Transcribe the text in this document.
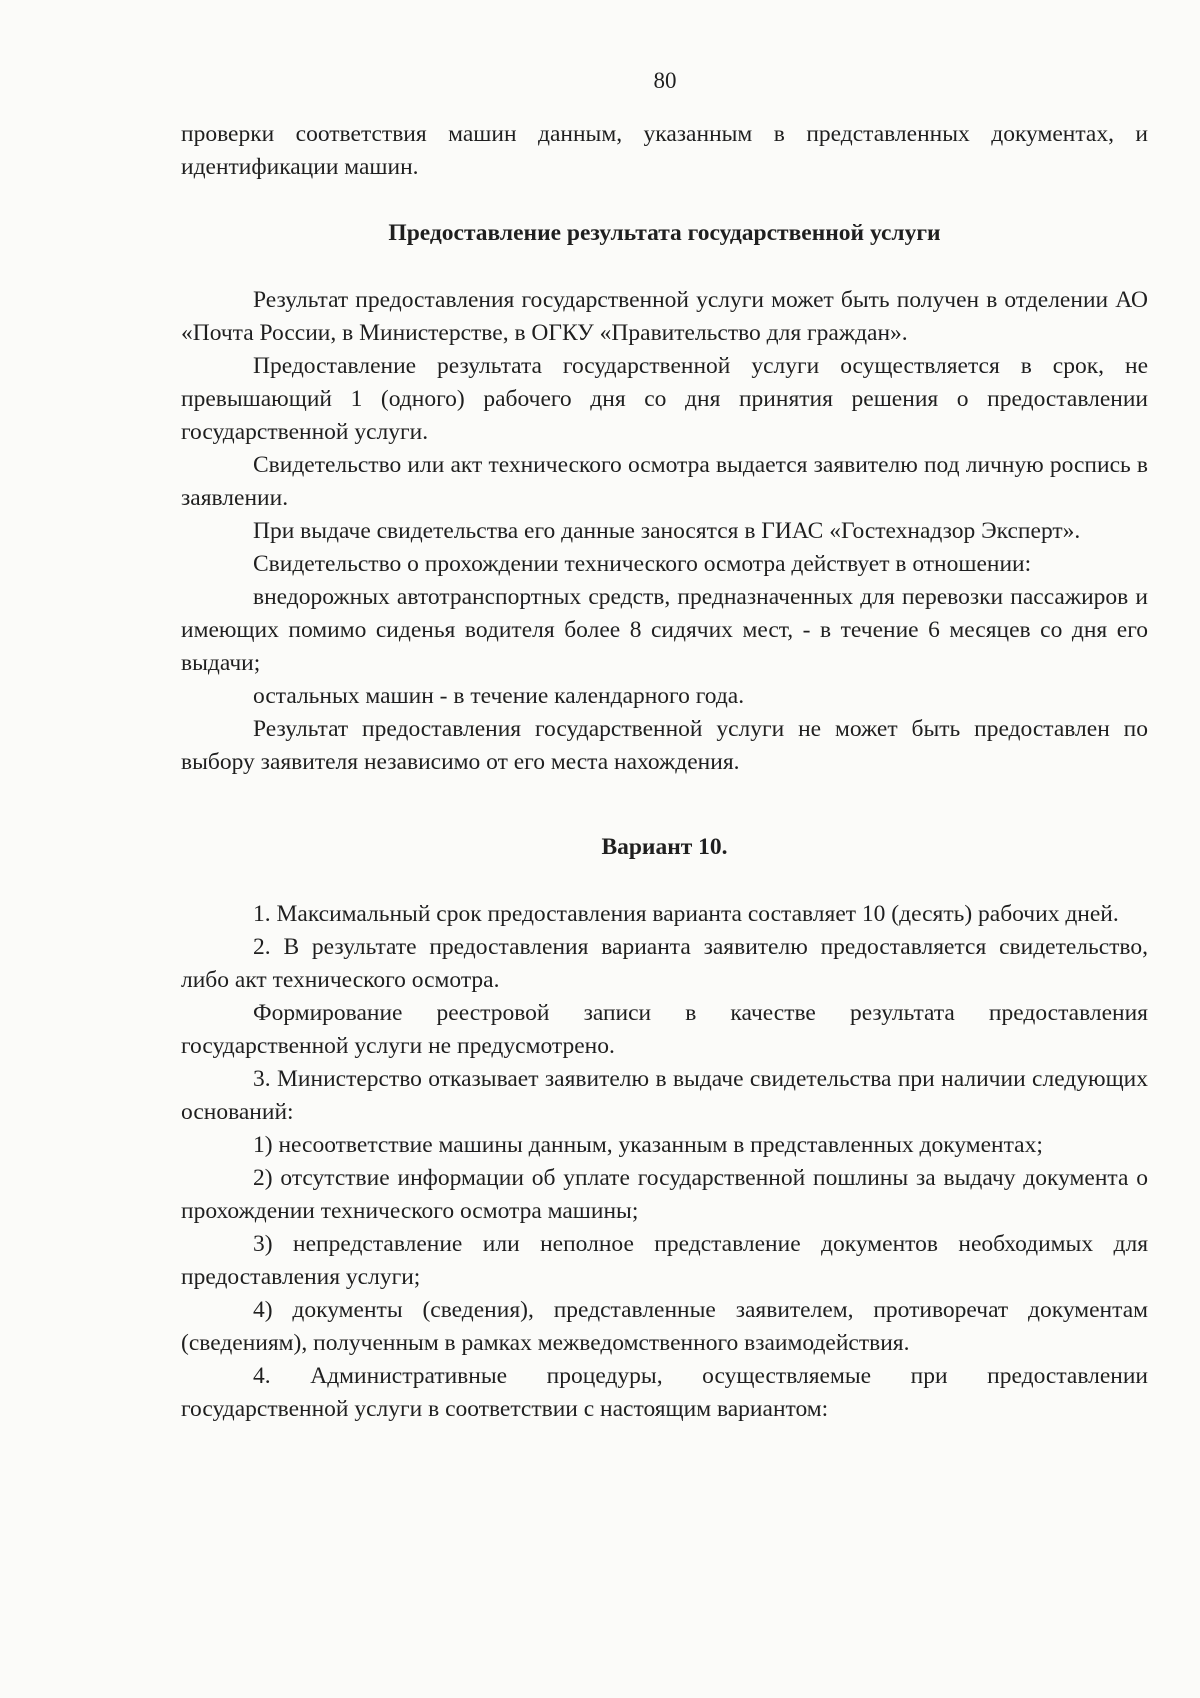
80

проверки соответствия машин данным, указанным в представленных документах, и идентификации машин.

Предоставление результата государственной услуги

Результат предоставления государственной услуги может быть получен в отделении АО «Почта России, в Министерстве, в ОГКУ «Правительство для граждан».

Предоставление результата государственной услуги осуществляется в срок, не превышающий 1 (одного) рабочего дня со дня принятия решения о предоставлении государственной услуги.

Свидетельство или акт технического осмотра выдается заявителю под личную роспись в заявлении.

При выдаче свидетельства его данные заносятся в ГИАС «Гостехнадзор Эксперт».

Свидетельство о прохождении технического осмотра действует в отношении:

внедорожных автотранспортных средств, предназначенных для перевозки пассажиров и имеющих помимо сиденья водителя более 8 сидячих мест, - в течение 6 месяцев со дня его выдачи;

остальных машин - в течение календарного года.

Результат предоставления государственной услуги не может быть предоставлен по выбору заявителя независимо от его места нахождения.

Вариант 10.

1. Максимальный срок предоставления варианта составляет 10 (десять) рабочих дней.

2. В результате предоставления варианта заявителю предоставляется свидетельство, либо акт технического осмотра.

Формирование реестровой записи в качестве результата предоставления государственной услуги не предусмотрено.

3. Министерство отказывает заявителю в выдаче свидетельства при наличии следующих оснований:

1) несоответствие машины данным, указанным в представленных документах;

2) отсутствие информации об уплате государственной пошлины за выдачу документа о прохождении технического осмотра машины;

3) непредставление или неполное представление документов необходимых для предоставления услуги;

4) документы (сведения), представленные заявителем, противоречат документам (сведениям), полученным в рамках межведомственного взаимодействия.

4. Административные процедуры, осуществляемые при предоставлении государственной услуги в соответствии с настоящим вариантом:
